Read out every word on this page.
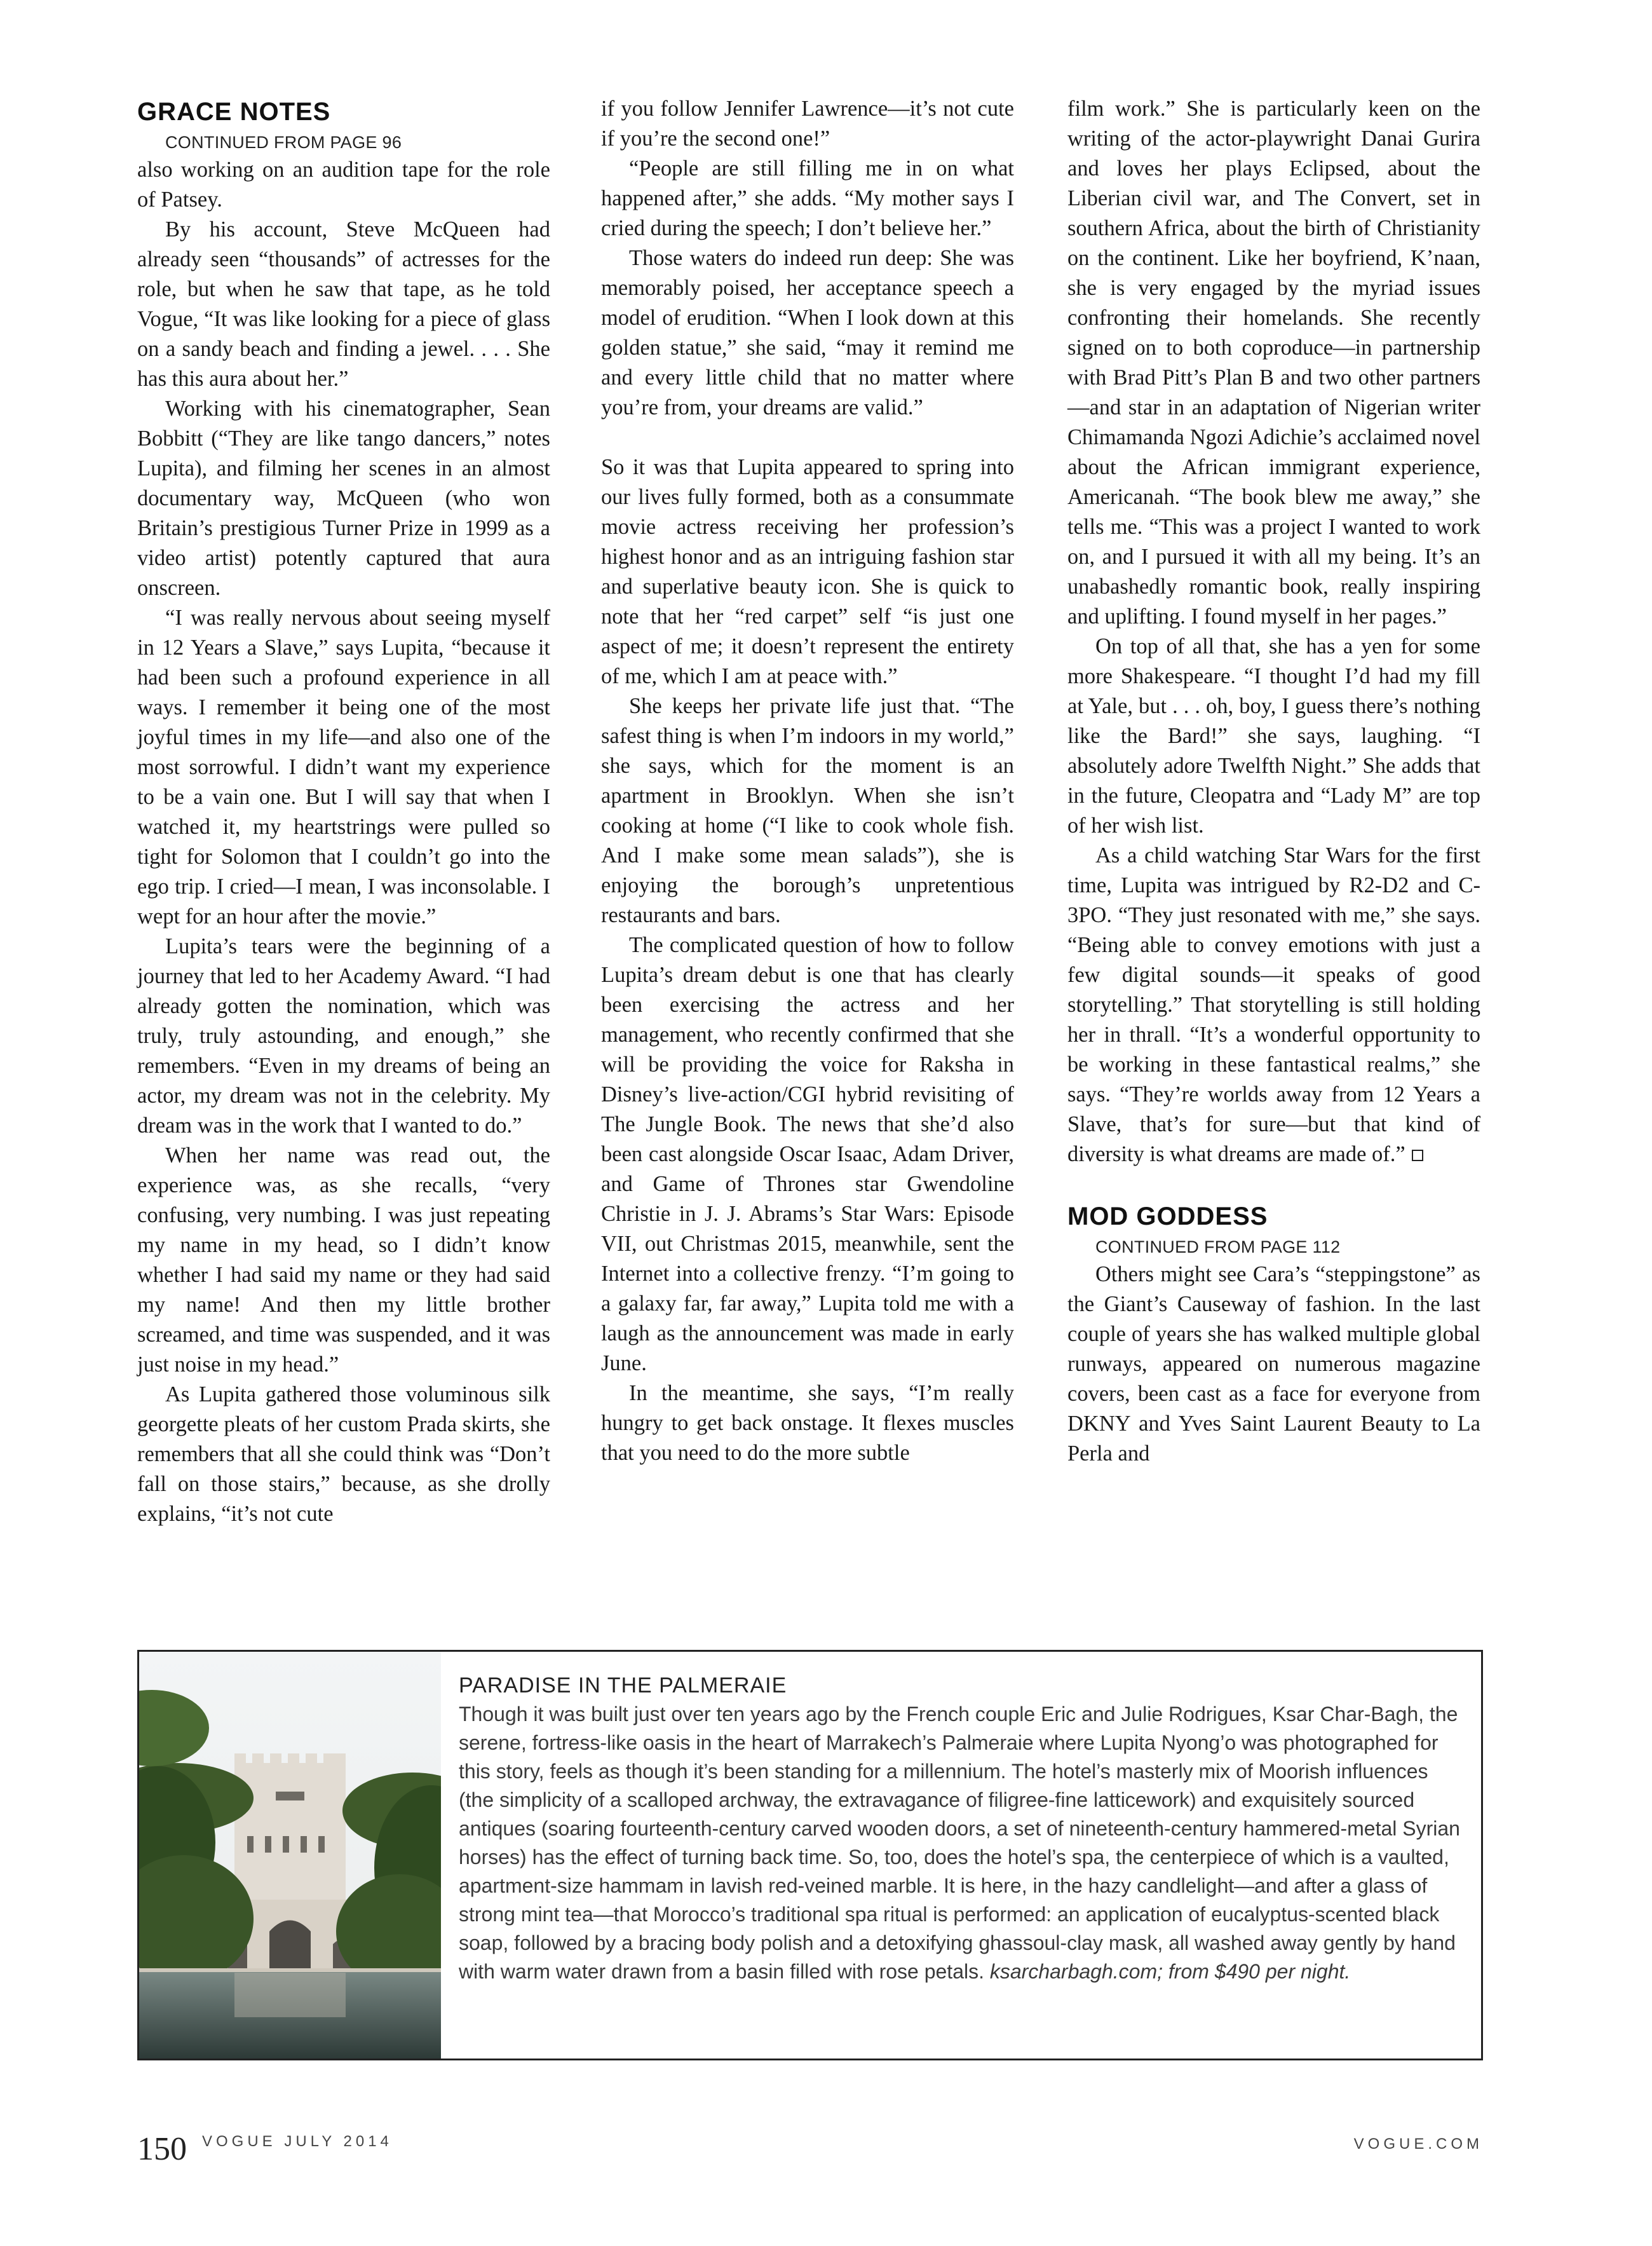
GRACE NOTES

CONTINUED FROM PAGE 96

also working on an audition tape for the role of Patsey.

By his account, Steve McQueen had already seen “thousands” of actresses for the role, but when he saw that tape, as he told Vogue, “It was like looking for a piece of glass on a sandy beach and finding a jewel. . . . She has this aura about her.”

Working with his cinematographer, Sean Bobbitt (“They are like tango dancers,” notes Lupita), and filming her scenes in an almost documentary way, McQueen (who won Britain’s prestigious Turner Prize in 1999 as a video artist) potently captured that aura onscreen.

“I was really nervous about seeing myself in 12 Years a Slave,” says Lupita, “because it had been such a profound experience in all ways. I remember it being one of the most joyful times in my life—and also one of the most sorrowful. I didn’t want my experience to be a vain one. But I will say that when I watched it, my heartstrings were pulled so tight for Solomon that I couldn’t go into the ego trip. I cried—I mean, I was inconsolable. I wept for an hour after the movie.”

Lupita’s tears were the beginning of a journey that led to her Academy Award. “I had already gotten the nomination, which was truly, truly astounding, and enough,” she remembers. “Even in my dreams of being an actor, my dream was not in the celebrity. My dream was in the work that I wanted to do.”

When her name was read out, the experience was, as she recalls, “very confusing, very numbing. I was just repeating my name in my head, so I didn’t know whether I had said my name or they had said my name! And then my little brother screamed, and time was suspended, and it was just noise in my head.”

As Lupita gathered those voluminous silk georgette pleats of her custom Prada skirts, she remembers that all she could think was “Don’t fall on those stairs,” because, as she drolly explains, “it’s not cute

if you follow Jennifer Lawrence—it’s not cute if you’re the second one!”

“People are still filling me in on what happened after,” she adds. “My mother says I cried during the speech; I don’t believe her.”

Those waters do indeed run deep: She was memorably poised, her acceptance speech a model of erudition. “When I look down at this golden statue,” she said, “may it remind me and every little child that no matter where you’re from, your dreams are valid.”

So it was that Lupita appeared to spring into our lives fully formed, both as a consummate movie actress receiving her profession’s highest honor and as an intriguing fashion star and superlative beauty icon. She is quick to note that her “red carpet” self “is just one aspect of me; it doesn’t represent the entirety of me, which I am at peace with.”

She keeps her private life just that. “The safest thing is when I’m indoors in my world,” she says, which for the moment is an apartment in Brooklyn. When she isn’t cooking at home (“I like to cook whole fish. And I make some mean salads”), she is enjoying the borough’s unpretentious restaurants and bars.

The complicated question of how to follow Lupita’s dream debut is one that has clearly been exercising the actress and her management, who recently confirmed that she will be providing the voice for Raksha in Disney’s live-action/CGI hybrid revisiting of The Jungle Book. The news that she’d also been cast alongside Oscar Isaac, Adam Driver, and Game of Thrones star Gwendoline Christie in J. J. Abrams’s Star Wars: Episode VII, out Christmas 2015, meanwhile, sent the Internet into a collective frenzy. “I’m going to a galaxy far, far away,” Lupita told me with a laugh as the announcement was made in early June.

In the meantime, she says, “I’m really hungry to get back onstage. It flexes muscles that you need to do the more subtle

film work.” She is particularly keen on the writing of the actor-playwright Danai Gurira and loves her plays Eclipsed, about the Liberian civil war, and The Convert, set in southern Africa, about the birth of Christianity on the continent. Like her boyfriend, K’naan, she is very engaged by the myriad issues confronting their homelands. She recently signed on to both coproduce—in partnership with Brad Pitt’s Plan B and two other partners—and star in an adaptation of Nigerian writer Chimamanda Ngozi Adichie’s acclaimed novel about the African immigrant experience, Americanah. “The book blew me away,” she tells me. “This was a project I wanted to work on, and I pursued it with all my being. It’s an unabashedly romantic book, really inspiring and uplifting. I found myself in her pages.”

On top of all that, she has a yen for some more Shakespeare. “I thought I’d had my fill at Yale, but . . . oh, boy, I guess there’s nothing like the Bard!” she says, laughing. “I absolutely adore Twelfth Night.” She adds that in the future, Cleopatra and “Lady M” are top of her wish list.

As a child watching Star Wars for the first time, Lupita was intrigued by R2-D2 and C-3PO. “They just resonated with me,” she says. “Being able to convey emotions with just a few digital sounds—it speaks of good storytelling.” That storytelling is still holding her in thrall. “It’s a wonderful opportunity to be working in these fantastical realms,” she says. “They’re worlds away from 12 Years a Slave, that’s for sure—but that kind of diversity is what dreams are made of.”

MOD GODDESS

CONTINUED FROM PAGE 112

Others might see Cara’s “steppingstone” as the Giant’s Causeway of fashion. In the last couple of years she has walked multiple global runways, appeared on numerous magazine covers, been cast as a face for everyone from DKNY and Yves Saint Laurent Beauty to La Perla and

PARADISE IN THE PALMERAIE

Though it was built just over ten years ago by the French couple Eric and Julie Rodrigues, Ksar Char-Bagh, the serene, fortress-like oasis in the heart of Marrakech’s Palmeraie where Lupita Nyong’o was photographed for this story, feels as though it’s been standing for a millennium. The hotel’s masterly mix of Moorish influences (the simplicity of a scalloped archway, the extravagance of filigree-fine latticework) and exquisitely sourced antiques (soaring fourteenth-century carved wooden doors, a set of nineteenth-century hammered-metal Syrian horses) has the effect of turning back time. So, too, does the hotel’s spa, the centerpiece of which is a vaulted, apartment-size hammam in lavish red-veined marble. It is here, in the hazy candlelight—and after a glass of strong mint tea—that Morocco’s traditional spa ritual is performed: an application of eucalyptus-scented black soap, followed by a bracing body polish and a detoxifying ghassoul-clay mask, all washed away gently by hand with warm water drawn from a basin filled with rose petals. ksarcharbagh.com; from $490 per night.

150 VOGUE JULY 2014	VOGUE.COM
